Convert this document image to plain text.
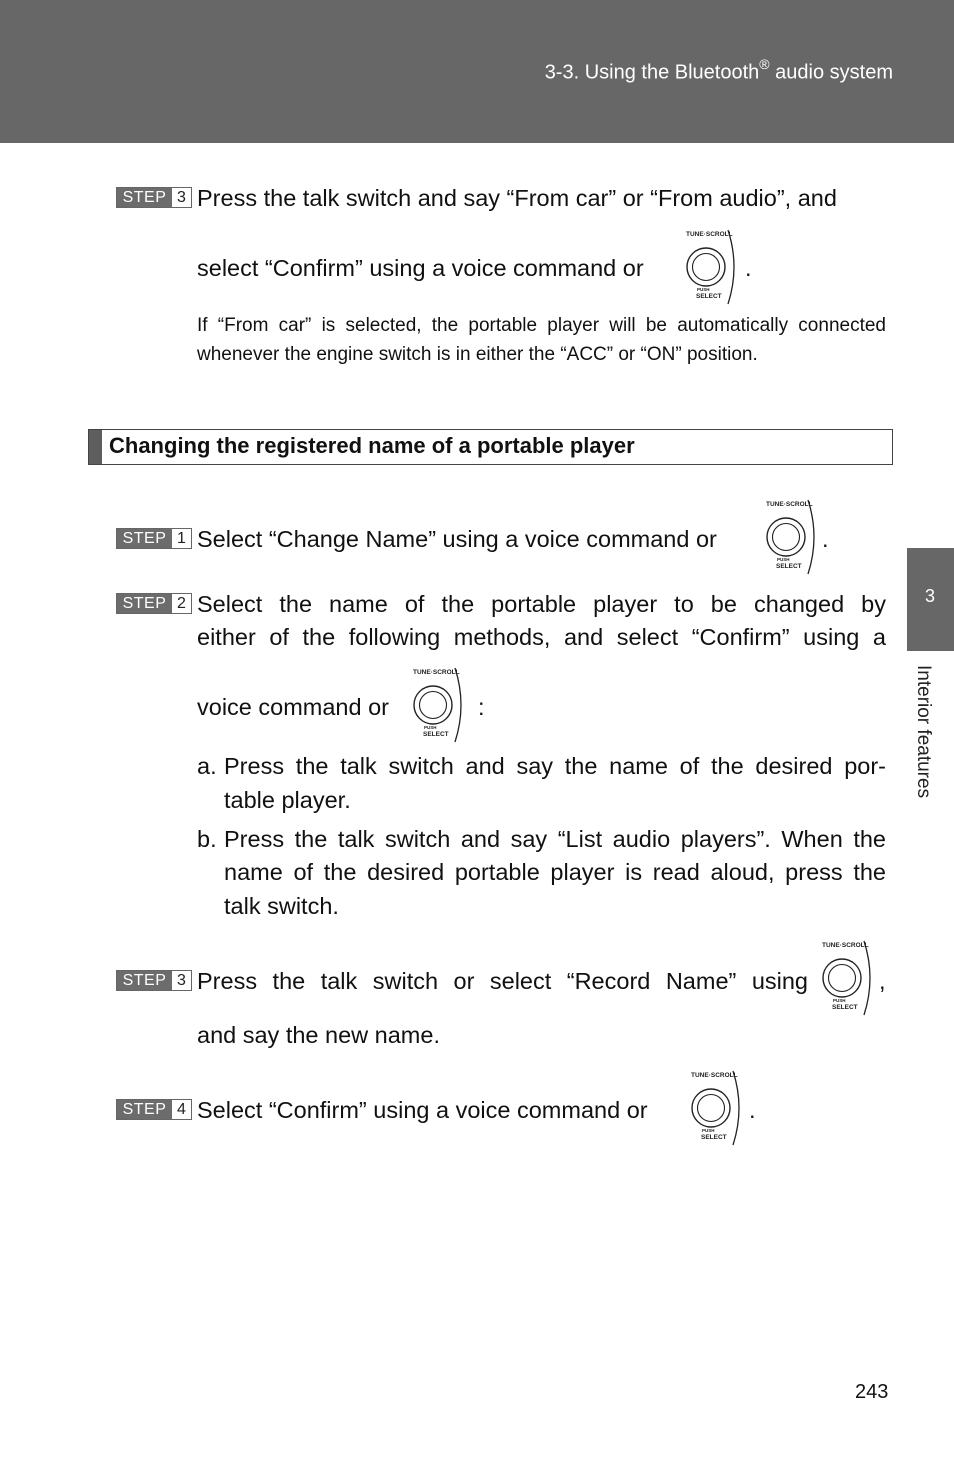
3-3. Using the Bluetooth® audio system
STEP 3 Press the talk switch and say “From car” or “From audio”, and
select “Confirm” using a voice command or
TUNE·SCROLL
PUSH
SELECT
.
If “From car” is selected, the portable player will be automatically connected whenever the engine switch is in either the “ACC” or “ON” position.
Changing the registered name of a portable player
STEP 1 Select “Change Name” using a voice command or
TUNE·SCROLL
PUSH
SELECT
.
STEP 2 Select the name of the portable player to be changed by
either of the following methods, and select “Confirm” using a
voice command or
TUNE·SCROLL
PUSH
SELECT
:
a. Press the talk switch and say the name of the desired por-
table player.
b. Press the talk switch and say “List audio players”. When the
name of the desired portable player is read aloud, press the
talk switch.
STEP 3 Press the talk switch or select “Record Name” using
TUNE·SCROLL
PUSH
SELECT
,
and say the new name.
STEP 4 Select “Confirm” using a voice command or
TUNE·SCROLL
PUSH
SELECT
.
3
Interior features
243
